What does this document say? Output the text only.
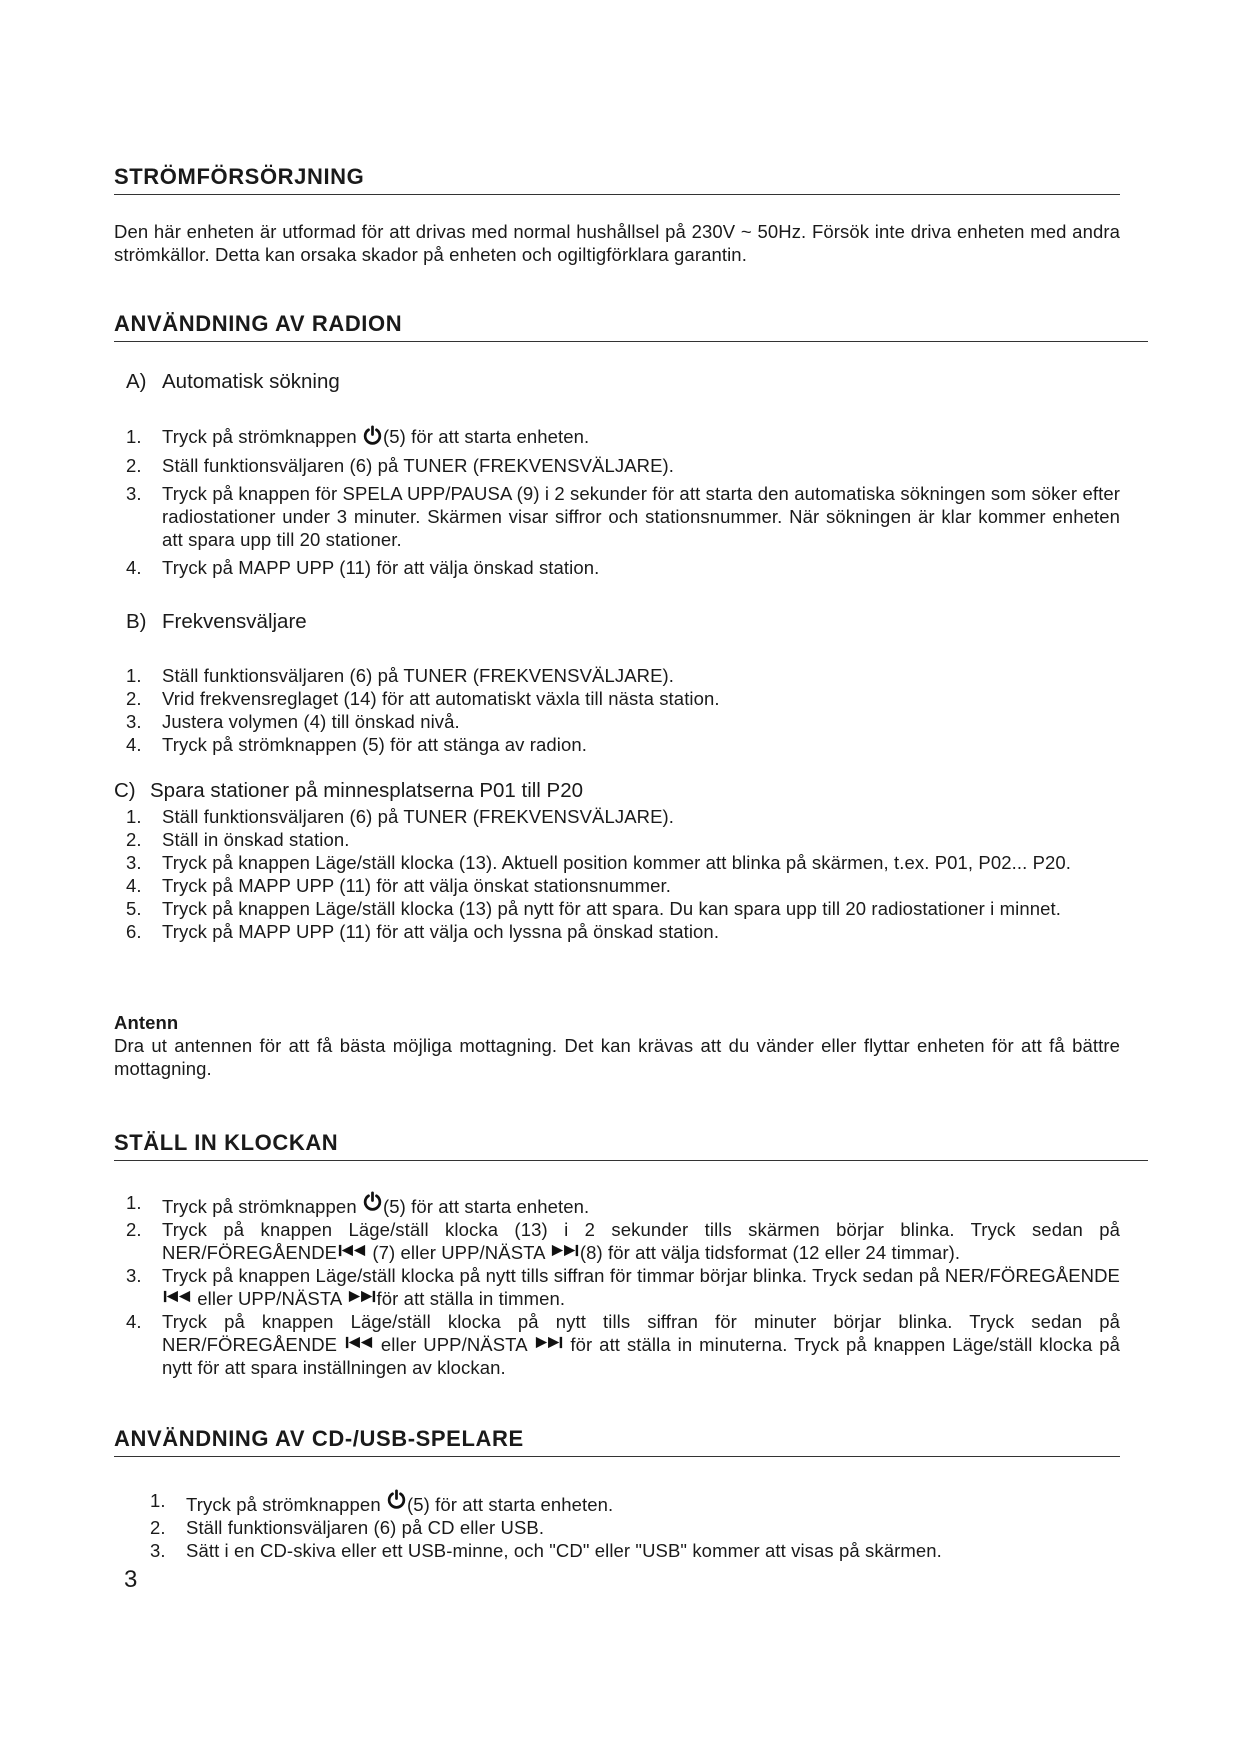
STRÖMFÖRSÖRJNING
Den här enheten är utformad för att drivas med normal hushållsel på 230V ~ 50Hz. Försök inte driva enheten med andra strömkällor. Detta kan orsaka skador på enheten och ogiltigförklara garantin.
ANVÄNDNING AV RADION
A) Automatisk sökning
1. Tryck på strömknappen (5) för att starta enheten.
2. Ställ funktionsväljaren (6) på TUNER (FREKVENSVÄLJARE).
3. Tryck på knappen för SPELA UPP/PAUSA (9) i 2 sekunder för att starta den automatiska sökningen som söker efter radiostationer under 3 minuter. Skärmen visar siffror och stationsnummer. När sökningen är klar kommer enheten att spara upp till 20 stationer.
4. Tryck på MAPP UPP (11) för att välja önskad station.
B) Frekvensväljare
1. Ställ funktionsväljaren (6) på TUNER (FREKVENSVÄLJARE).
2. Vrid frekvensreglaget (14) för att automatiskt växla till nästa station.
3. Justera volymen (4) till önskad nivå.
4. Tryck på strömknappen (5) för att stänga av radion.
C) Spara stationer på minnesplatserna P01 till P20
1. Ställ funktionsväljaren (6) på TUNER (FREKVENSVÄLJARE).
2. Ställ in önskad station.
3. Tryck på knappen Läge/ställ klocka (13). Aktuell position kommer att blinka på skärmen, t.ex. P01, P02... P20.
4. Tryck på MAPP UPP (11) för att välja önskat stationsnummer.
5. Tryck på knappen Läge/ställ klocka (13) på nytt för att spara. Du kan spara upp till 20 radiostationer i minnet.
6. Tryck på MAPP UPP (11) för att välja och lyssna på önskad station.
Antenn
Dra ut antennen för att få bästa möjliga mottagning. Det kan krävas att du vänder eller flyttar enheten för att få bättre mottagning.
STÄLL IN KLOCKAN
1. Tryck på strömknappen (5) för att starta enheten.
2. Tryck på knappen Läge/ställ klocka (13) i 2 sekunder tills skärmen börjar blinka. Tryck sedan på NER/FÖREGÅENDE (7) eller UPP/NÄSTA (8) för att välja tidsformat (12 eller 24 timmar).
3. Tryck på knappen Läge/ställ klocka på nytt tills siffran för timmar börjar blinka. Tryck sedan på NER/FÖREGÅENDE eller UPP/NÄSTA för att ställa in timmen.
4. Tryck på knappen Läge/ställ klocka på nytt tills siffran för minuter börjar blinka. Tryck sedan på NER/FÖREGÅENDE  eller UPP/NÄSTA  för att ställa in minuterna. Tryck på knappen Läge/ställ klocka på nytt för att spara inställningen av klockan.
ANVÄNDNING AV CD-/USB-SPELARE
1. Tryck på strömknappen (5) för att starta enheten.
2. Ställ funktionsväljaren (6) på CD eller USB.
3. Sätt i en CD-skiva eller ett USB-minne, och "CD" eller "USB" kommer att visas på skärmen.
3
